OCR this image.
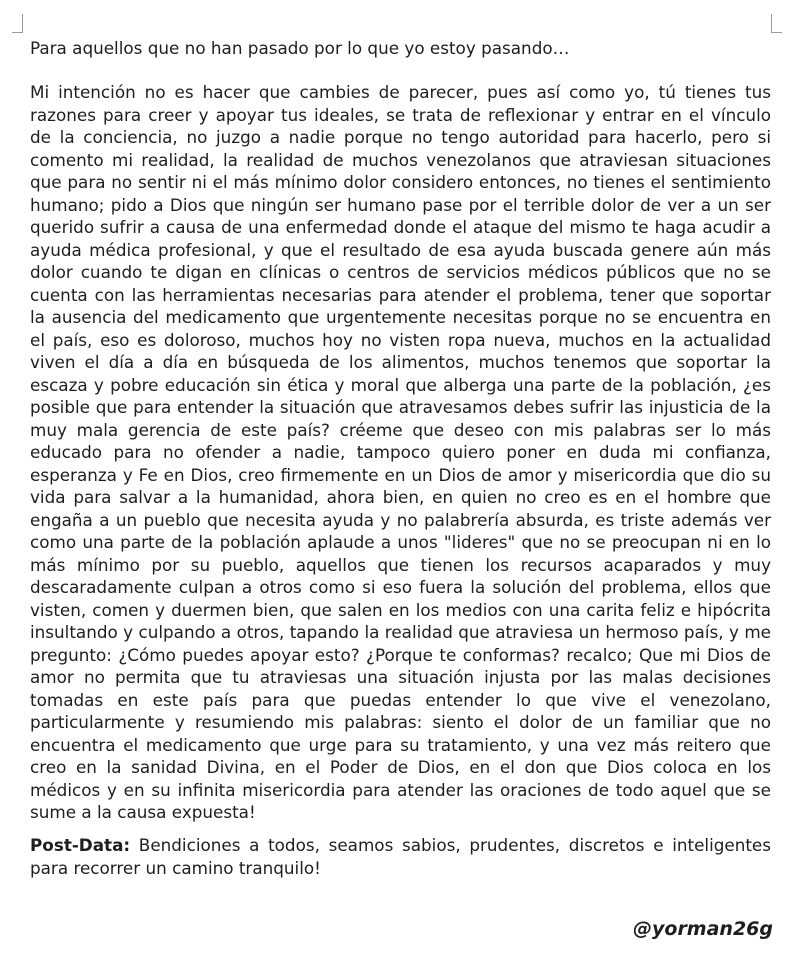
Para aquellos que no han pasado por lo que yo estoy pasando…

Mi intención no es hacer que cambies de parecer, pues así como yo, tú tienes tus razones para creer y apoyar tus ideales, se trata de reflexionar y entrar en el vínculo de la conciencia, no juzgo a nadie porque no tengo autoridad para hacerlo, pero si comento mi realidad, la realidad de muchos venezolanos que atraviesan situaciones que para no sentir ni el más mínimo dolor considero entonces, no tienes el sentimiento humano; pido a Dios que ningún ser humano pase por el terrible dolor de ver a un ser querido sufrir a causa de una enfermedad donde el ataque del mismo te haga acudir a ayuda médica profesional, y que el resultado de esa ayuda buscada genere aún más dolor cuando te digan en clínicas o centros de servicios médicos públicos que no se cuenta con las herramientas necesarias para atender el problema, tener que soportar la ausencia del medicamento que urgentemente necesitas porque no se encuentra en el país, eso es doloroso, muchos hoy no visten ropa nueva, muchos en la actualidad viven el día a día en búsqueda de los alimentos, muchos tenemos que soportar la escaza y pobre educación sin ética y moral que alberga una parte de la población, ¿es posible que para entender la situación que atravesamos debes sufrir las injusticia de la muy mala gerencia de este país? créeme que deseo con mis palabras ser lo más educado para no ofender a nadie, tampoco quiero poner en duda mi confianza, esperanza y Fe en Dios, creo firmemente en un Dios de amor y misericordia que dio su vida para salvar a la humanidad, ahora bien, en quien no creo es en el hombre que engaña a un pueblo que necesita ayuda y no palabrería absurda, es triste además ver como una parte de la población aplaude a unos "lideres" que no se preocupan ni en lo más mínimo por su pueblo, aquellos que tienen los recursos acaparados y muy descaradamente culpan a otros como si eso fuera la solución del problema, ellos que visten, comen y duermen bien, que salen en los medios con una carita feliz e hipócrita insultando y culpando a otros, tapando la realidad que atraviesa un hermoso país, y me pregunto: ¿Cómo puedes apoyar esto? ¿Porque te conformas? recalco; Que mi Dios de amor no permita que tu atraviesas una situación injusta por las malas decisiones tomadas en este país para que puedas entender lo que vive el venezolano, particularmente y resumiendo mis palabras: siento el dolor de un familiar que no encuentra el medicamento que urge para su tratamiento, y una vez más reitero que creo en la sanidad Divina, en el Poder de Dios, en el don que Dios coloca en los médicos y en su infinita misericordia para atender las oraciones de todo aquel que se sume a la causa expuesta!

Post-Data: Bendiciones a todos, seamos sabios, prudentes, discretos e inteligentes para recorrer un camino tranquilo!

@yorman26g
